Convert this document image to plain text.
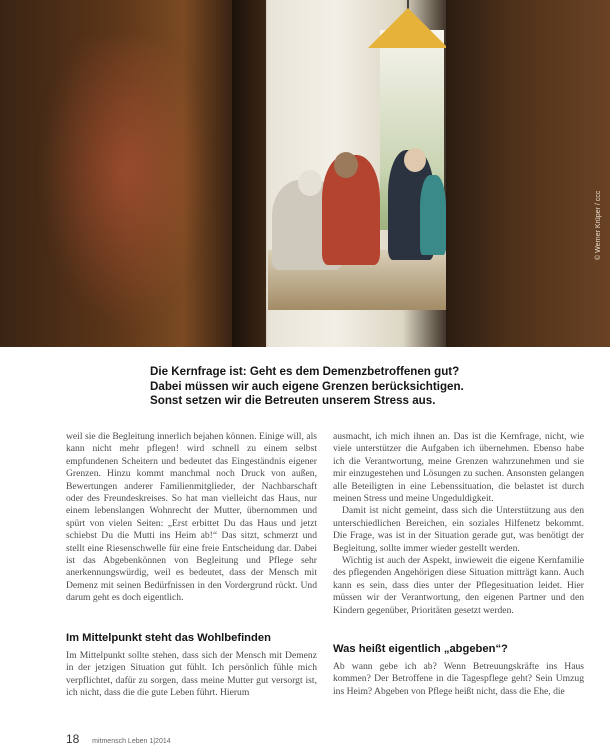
© Werner Krüper / ccc
Die Kernfrage ist: Geht es dem Demenzbetroffenen gut?
Dabei müssen wir auch eigene Grenzen berücksichtigen.
Sonst setzen wir die Betreuten unserem Stress aus.

weil sie die Begleitung innerlich bejahen können. Einige will, als kann nicht mehr pflegen! wird schnell zu einem selbst empfundenen Scheitern und bedeutet das Eingeständnis eigener Grenzen. Hinzu kommt manchmal noch Druck von außen, Bewertungen anderer Familienmitglieder, der Nachbarschaft oder des Freundeskreises. So hat man vielleicht das Haus, nur einem lebenslangen Wohnrecht der Mutter, übernommen und spürt von vielen Seiten: „Erst erbittet Du das Haus und jetzt schiebst Du die Mutti ins Heim ab!“ Das sitzt, schmerzt und stellt eine Riesenschwelle für eine freie Entscheidung dar. Dabei ist das Abgebenkönnen von Begleitung und Pflege sehr anerkennungswürdig, weil es bedeutet, dass der Mensch mit Demenz mit seinen Bedürfnissen in den Vordergrund rückt. Und darum geht es doch eigentlich.

Im Mittelpunkt steht das Wohlbefinden

Im Mittelpunkt sollte stehen, dass sich der Mensch mit Demenz in der jetzigen Situation gut fühlt. Ich persönlich fühle mich verpflichtet, dafür zu sorgen, dass meine Mutter gut versorgt ist, ich nicht, dass die die gute Leben führt. Hierum

ausmacht, ich mich ihnen an. Das ist die Kernfrage, nicht, wie viele unterstützer die Aufgaben ich übernehmen. Ebenso habe ich die Verantwortung, meine Grenzen wahrzunehmen und sie mir einzugestehen und Lösungen zu suchen. Ansonsten gelangen alle Beteiligten in eine Lebenssituation, die belastet ist durch meinen Stress und meine Ungeduldigkeit.

Damit ist nicht gemeint, dass sich die Unterstützung aus den unterschiedlichen Bereichen, ein soziales Hilfenetz bekommt. Die Frage, was ist in der Situation gerade gut, was benötigt der Begleitung, sollte immer wieder gestellt werden.

Wichtig ist auch der Aspekt, inwieweit die eigene Kernfamilie des pflegenden Angehörigen diese Situation mitträgt kann. Auch kann es sein, dass dies unter der Pflegesituation leidet. Hier müssen wir der Verantwortung, den eigenen Partner und den Kindern gegenüber, Prioritäten gesetzt werden.

Was heißt eigentlich „abgeben“?

Ab wann gebe ich ab? Wenn Betreuungskräfte ins Haus kommen? Der Betroffene in die Tagespflege geht? Sein Umzug ins Heim? Abgeben von Pflege heißt nicht, dass die Ehe, die

18 mitmensch Leben 1|2014
